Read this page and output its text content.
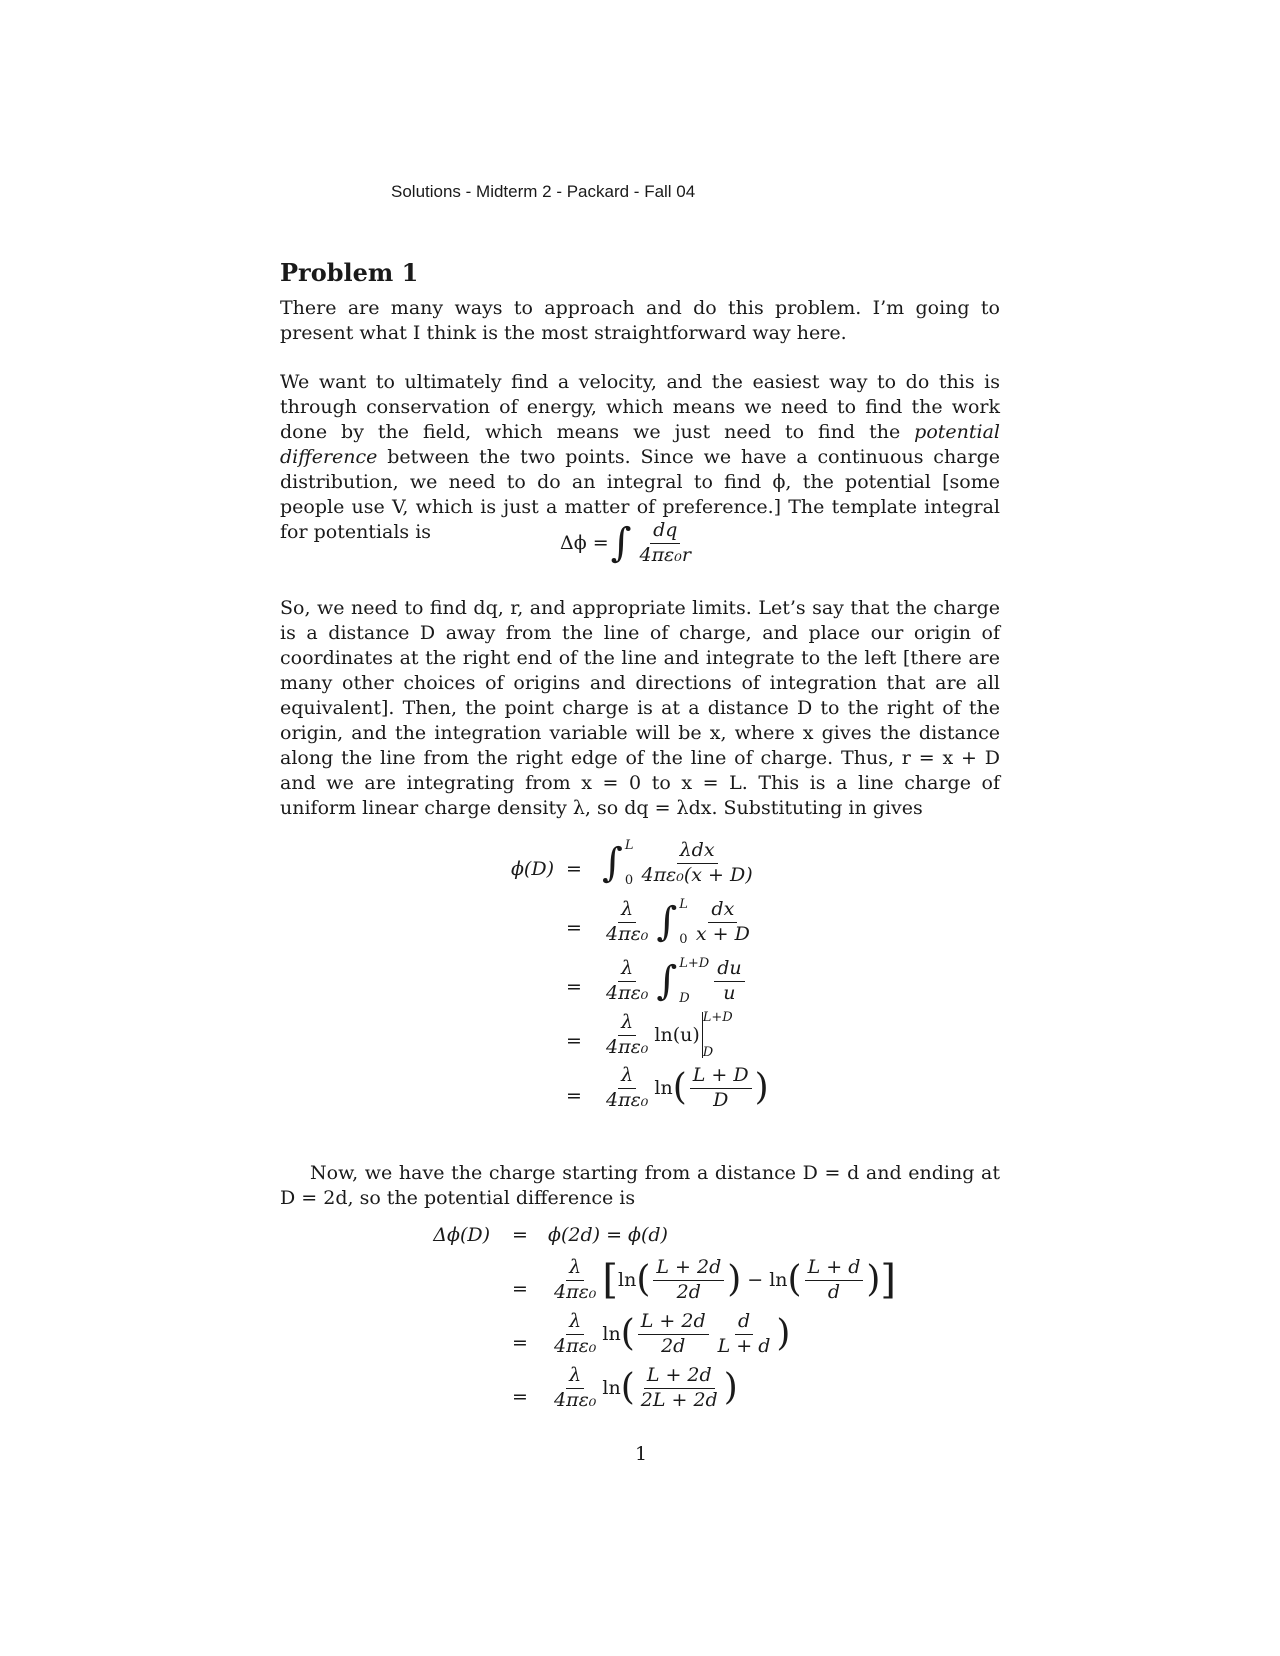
Solutions - Midterm 2 - Packard - Fall 04
Problem 1
There are many ways to approach and do this problem. I’m going to present what I think is the most straightforward way here.
We want to ultimately find a velocity, and the easiest way to do this is through conservation of energy, which means we need to find the work done by the field, which means we just need to find the potential difference between the two points. Since we have a continuous charge distribution, we need to do an integral to find ϕ, the potential [some people use V, which is just a matter of preference.] The template integral for potentials is
Δϕ = ∫ $\frac{dq}{\text{4πε₀r}}$
So, we need to find dq, r, and appropriate limits. Let’s say that the charge is a distance D away from the line of charge, and place our origin of coordinates at the right end of the line and integrate to the left [there are many other choices of origins and directions of integration that are all equivalent]. Then, the point charge is at a distance D to the right of the origin, and the integration variable will be x, where x gives the distance along the line from the right edge of the line of charge. Thus, r = x + D and we are integrating from x = 0 to x = L. This is a line charge of uniform linear charge density λ, so dq = λdx. Substituting in gives
ϕ(D) = ∫ L
$0 \frac{\text{λdx}}{\text{4πε₀(x + D)}}$
= $\frac{\lambda}{\text{4πε₀}}$ ∫ L
$0 \frac{dx}{x + D}$
= $\frac{\lambda}{\text{4πε₀}}$ ∫ L+D
D	$\frac{du}{u}$
= $\frac{\lambda}{\text{4πε₀}} \ln(u)$
L+D
D
= $\frac{\lambda}{\text{4πε₀}}$ ln ( $\frac{L + D}{D}$ )
Now, we have the charge starting from a distance D = d and ending at D = 2d, so the potential difference is
Δϕ(D) = ϕ(2d) = ϕ(d)
= $\frac{\lambda}{\text{4πε₀}}$ [ ln ( $\frac{L + 2d}{2d}$ ) − ln ( $\frac{L + d}{d}$ ) ]
= $\frac{\lambda}{\text{4πε₀}}$ ln ( $\frac{L + 2d}{2d} \frac{d}{L + d}$ )
= $\frac{\lambda}{\text{4πε₀}}$ ln ( $\frac{L + 2d}{2L + 2d}$ )
1
